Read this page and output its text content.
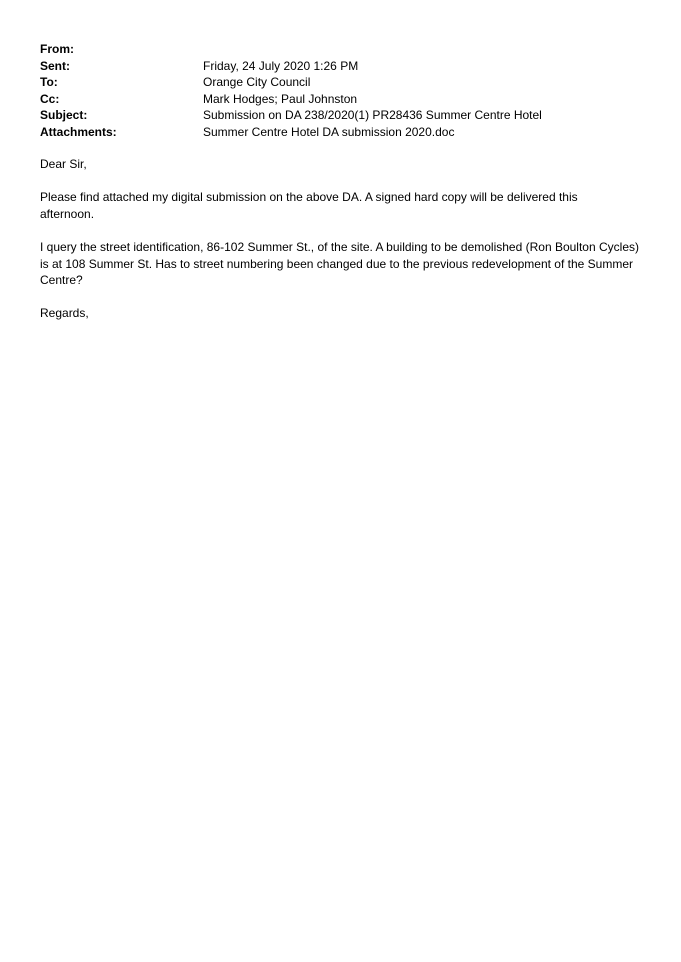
From:
Sent:	Friday, 24 July 2020 1:26 PM
To:	Orange City Council
Cc:	Mark Hodges; Paul Johnston
Subject:	Submission on DA 238/2020(1) PR28436 Summer Centre Hotel
Attachments:	Summer Centre Hotel DA submission 2020.doc

Dear Sir,

Please find attached my digital submission on the above DA. A signed hard copy will be delivered this afternoon.

I query the street identification, 86-102 Summer St., of the site. A building to be demolished (Ron Boulton Cycles) is at 108 Summer St. Has to street numbering been changed due to the previous redevelopment of the Summer Centre?

Regards,
